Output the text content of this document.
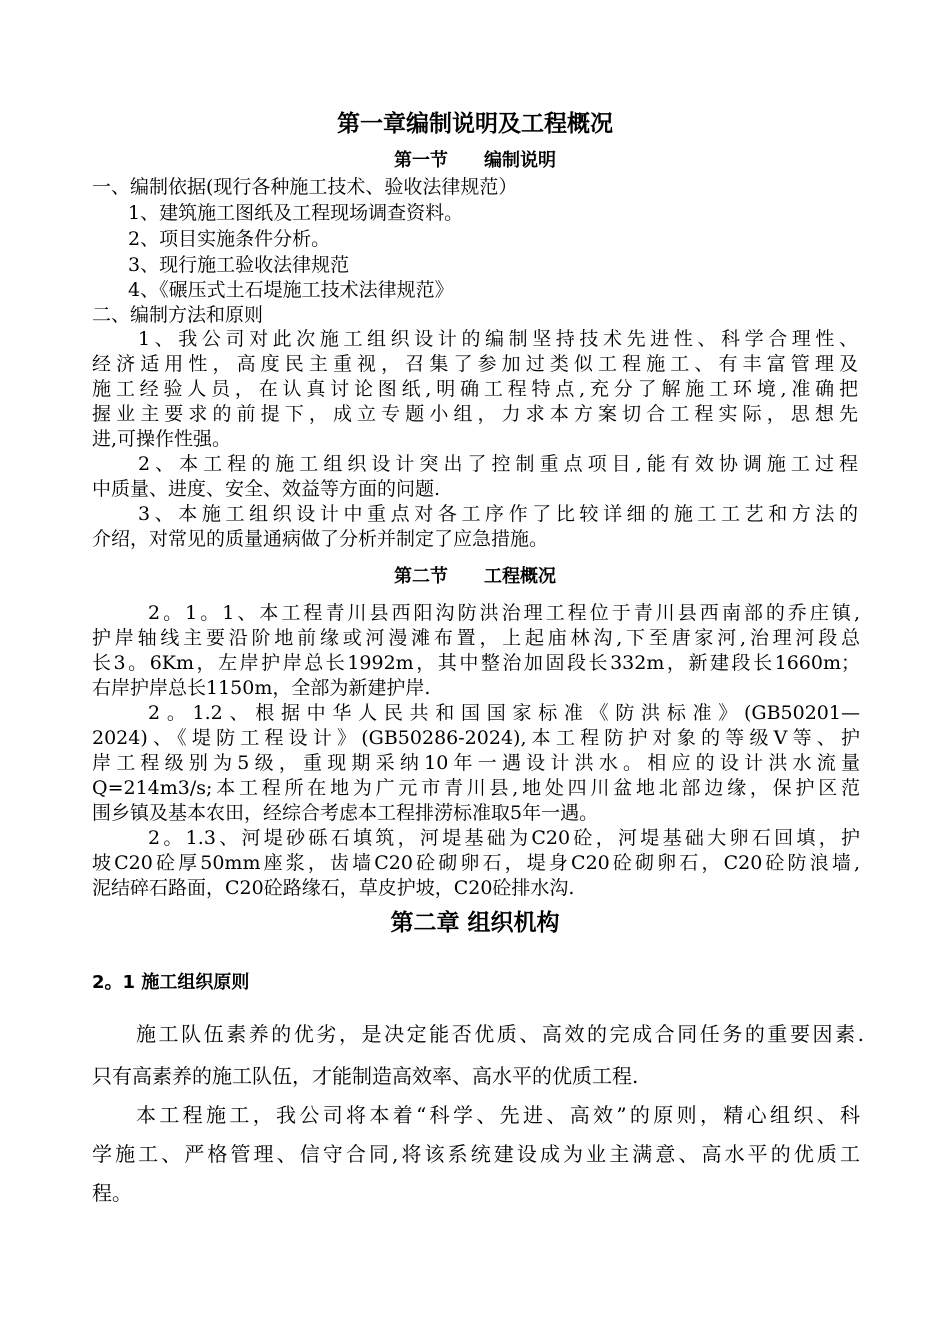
第一章编制说明及工程概况

第一节　　编制说明

一、编制依据(现行各种施工技术、验收法律规范）

1、建筑施工图纸及工程现场调查资料。

2、项目实施条件分析。

3、现行施工验收法律规范

4、《碾压式土石堤施工技术法律规范》

二、编制方法和原则

1、我公司对此次施工组织设计的编制坚持技术先进性、科学合理性、

经济适用性，高度民主重视，召集了参加过类似工程施工、有丰富管理及

施工经验人员，在认真讨论图纸,明确工程特点,充分了解施工环境,准确把

握业主要求的前提下，成立专题小组，力求本方案切合工程实际，思想先

进,可操作性强。

2、本工程的施工组织设计突出了控制重点项目,能有效协调施工过程

中质量、进度、安全、效益等方面的问题.

3、本施工组织设计中重点对各工序作了比较详细的施工工艺和方法的

介绍，对常见的质量通病做了分析并制定了应急措施。

第二节　　工程概况

2。1。1、本工程青川县西阳沟防洪治理工程位于青川县西南部的乔庄镇,

护岸轴线主要沿阶地前缘或河漫滩布置，上起庙林沟,下至唐家河,治理河段总

长3。6Km，左岸护岸总长1992m，其中整治加固段长332m，新建段长1660m；

右岸护岸总长1150m，全部为新建护岸.

2。1.2、根据中华人民共和国国家标准《防洪标准》(GB50201—

2024)、《堤防工程设计》(GB50286-2024),本工程防护对象的等级Ⅴ等、护

岸工程级别为5级，重现期采纳10年一遇设计洪水。相应的设计洪水流量

Q=214m3/s;本工程所在地为广元市青川县,地处四川盆地北部边缘，保护区范

围乡镇及基本农田，经综合考虑本工程排涝标准取5年一遇。

2。1.3、河堤砂砾石填筑，河堤基础为C20砼，河堤基础大卵石回填，护

坡C20砼厚50mm座浆，齿墙C20砼砌卵石，堤身C20砼砌卵石，C20砼防浪墙,

泥结碎石路面，C20砼路缘石，草皮护坡，C20砼排水沟.

第二章 组织机构

2。1 施工组织原则

施工队伍素养的优劣，是决定能否优质、高效的完成合同任务的重要因素.

只有高素养的施工队伍，才能制造高效率、高水平的优质工程.

本工程施工，我公司将本着“科学、先进、高效”的原则，精心组织、科

学施工、严格管理、信守合同,将该系统建设成为业主满意、高水平的优质工

程。
